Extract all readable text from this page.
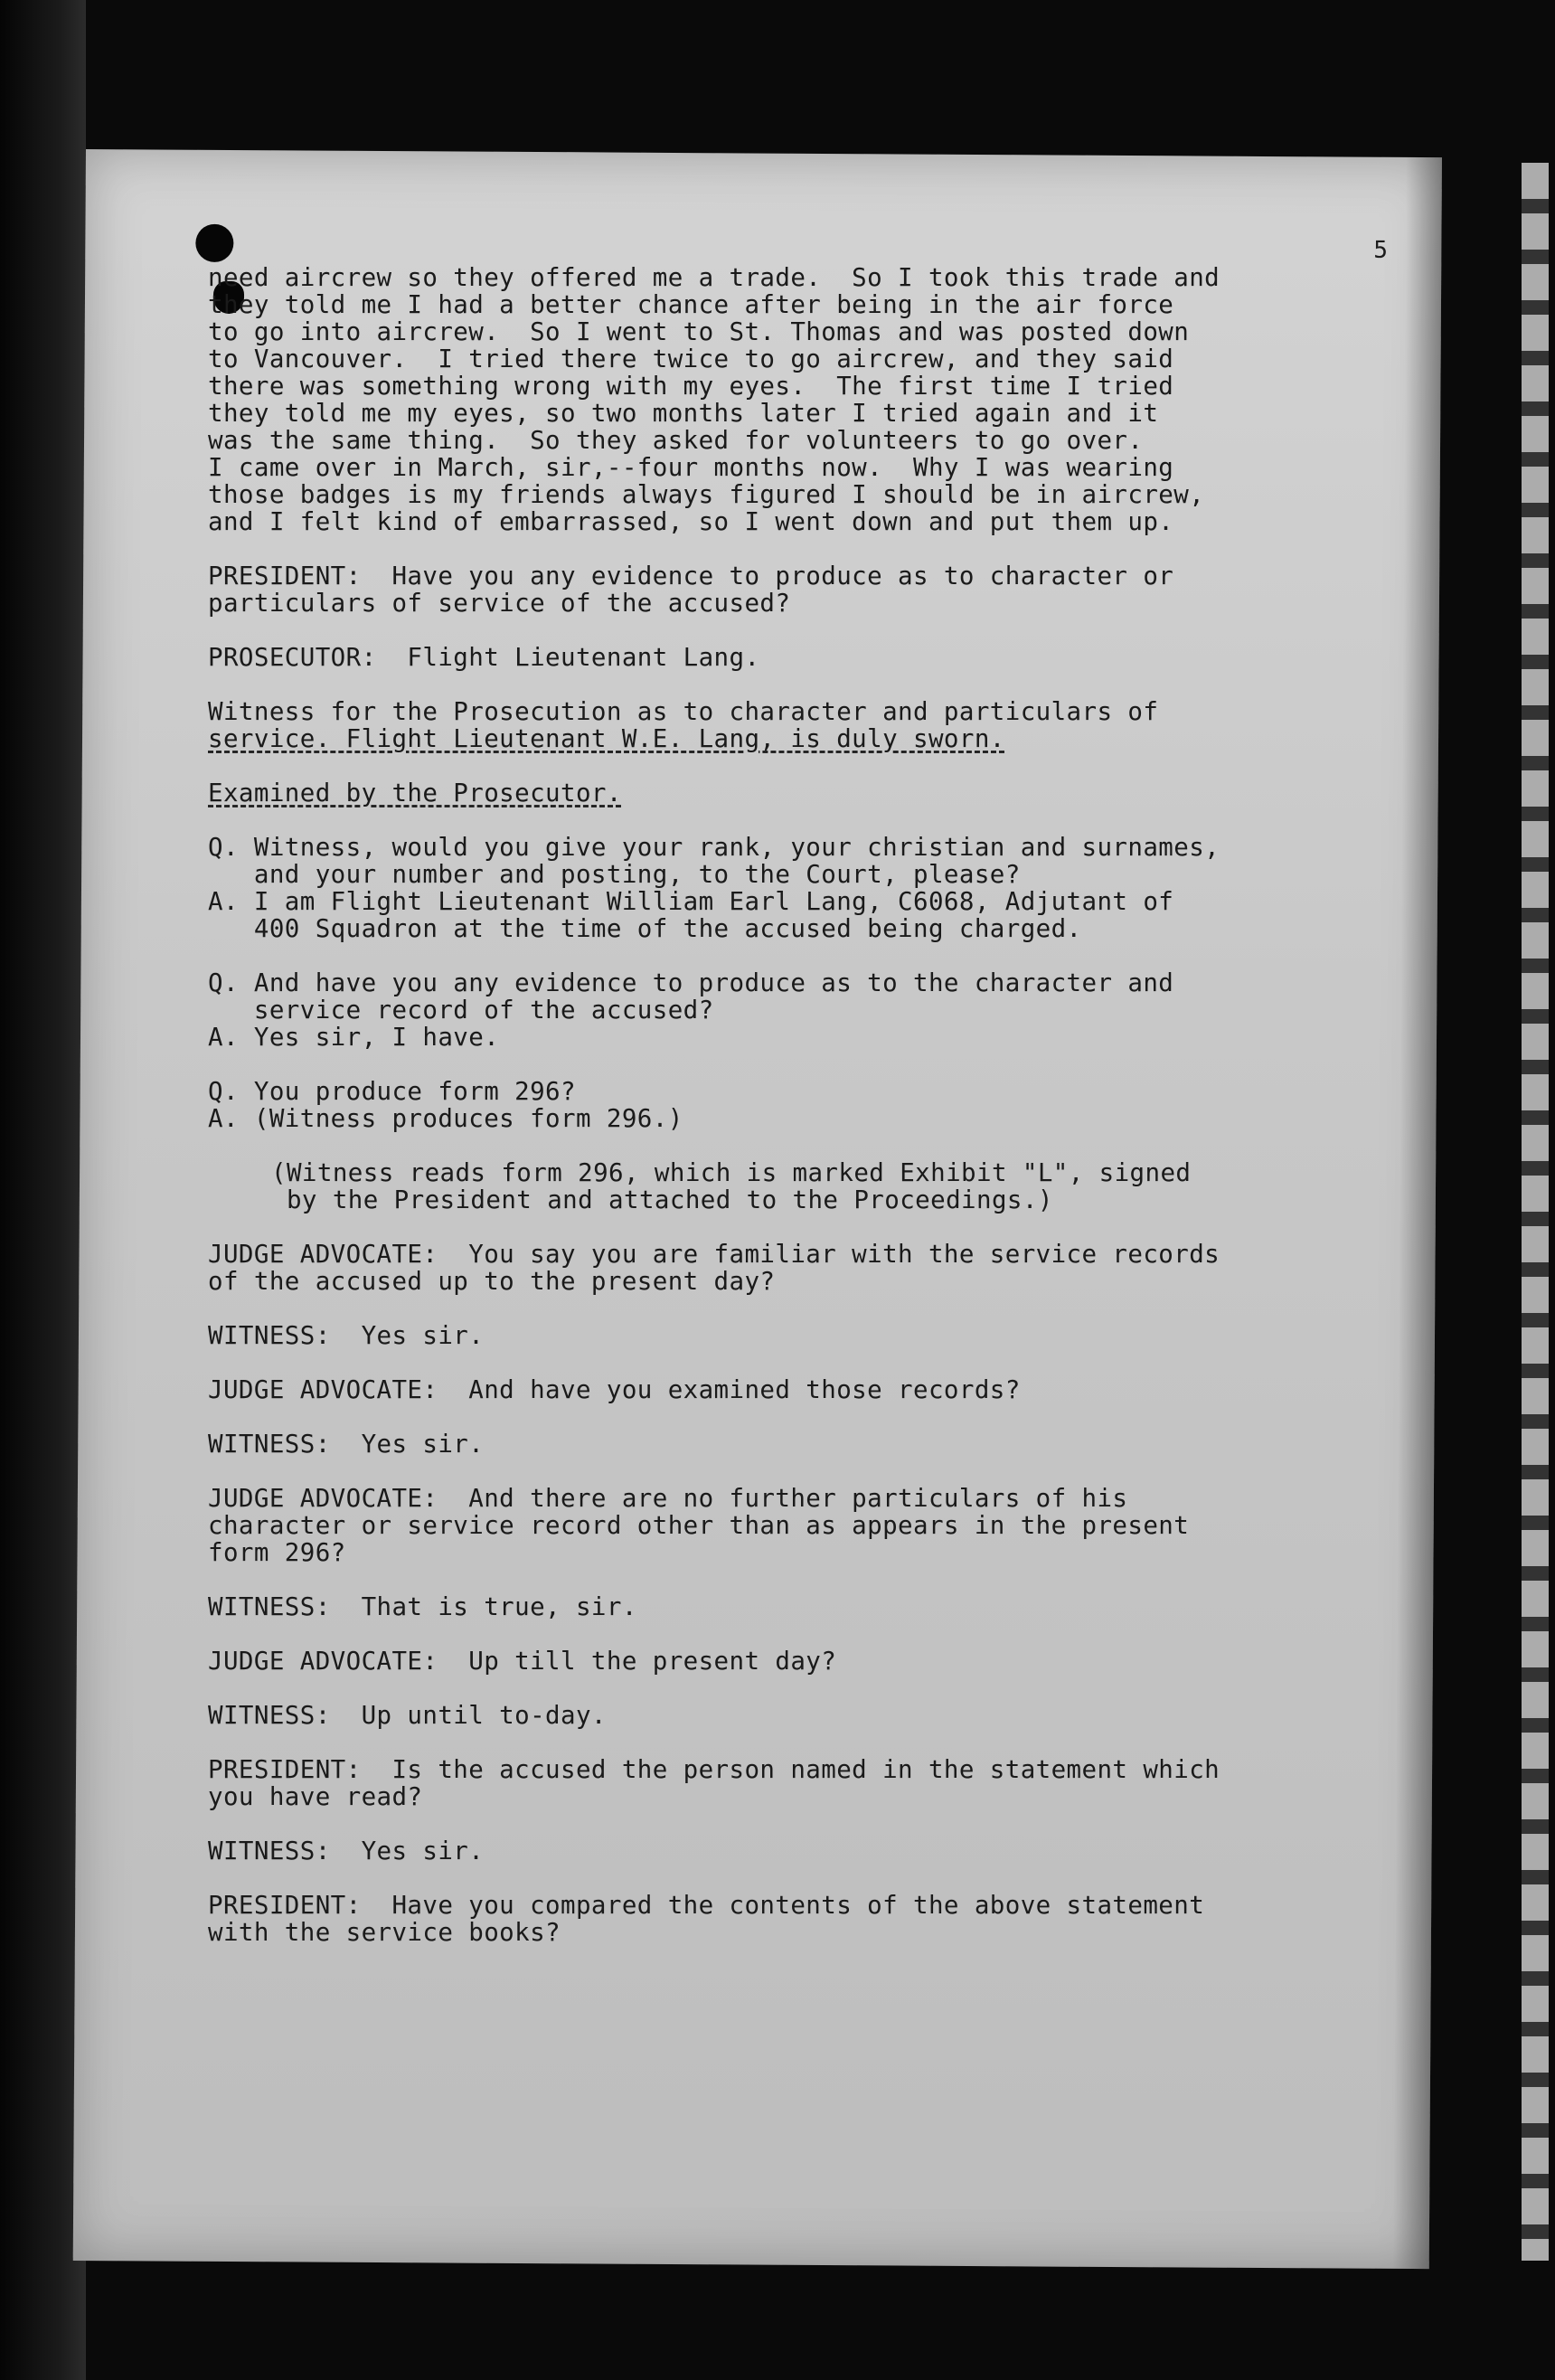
5
need aircrew so they offered me a trade.  So I took this trade and
they told me I had a better chance after being in the air force
to go into aircrew.  So I went to St. Thomas and was posted down
to Vancouver.  I tried there twice to go aircrew, and they said
there was something wrong with my eyes.  The first time I tried
they told me my eyes, so two months later I tried again and it
was the same thing.  So they asked for volunteers to go over.
I came over in March, sir,--four months now.  Why I was wearing
those badges is my friends always figured I should be in aircrew,
and I felt kind of embarrassed, so I went down and put them up.
PRESIDENT:  Have you any evidence to produce as to character or
particulars of service of the accused?
PROSECUTOR:  Flight Lieutenant Lang.
Witness for the Prosecution as to character and particulars of
service. Flight Lieutenant W.E. Lang, is duly sworn.
Examined by the Prosecutor.
Q. Witness, would you give your rank, your christian and surnames,
and your number and posting, to the Court, please?
A. I am Flight Lieutenant William Earl Lang, C6068, Adjutant of
400 Squadron at the time of the accused being charged.
Q. And have you any evidence to produce as to the character and
service record of the accused?
A. Yes sir, I have.
Q. You produce form 296?
A. (Witness produces form 296.)
(Witness reads form 296, which is marked Exhibit "L", signed
by the President and attached to the Proceedings.)
JUDGE ADVOCATE:  You say you are familiar with the service records
of the accused up to the present day?
WITNESS:  Yes sir.
JUDGE ADVOCATE:  And have you examined those records?
WITNESS:  Yes sir.
JUDGE ADVOCATE:  And there are no further particulars of his
character or service record other than as appears in the present
form 296?
WITNESS:  That is true, sir.
JUDGE ADVOCATE:  Up till the present day?
WITNESS:  Up until to-day.
PRESIDENT:  Is the accused the person named in the statement which
you have read?
WITNESS:  Yes sir.
PRESIDENT:  Have you compared the contents of the above statement
with the service books?
